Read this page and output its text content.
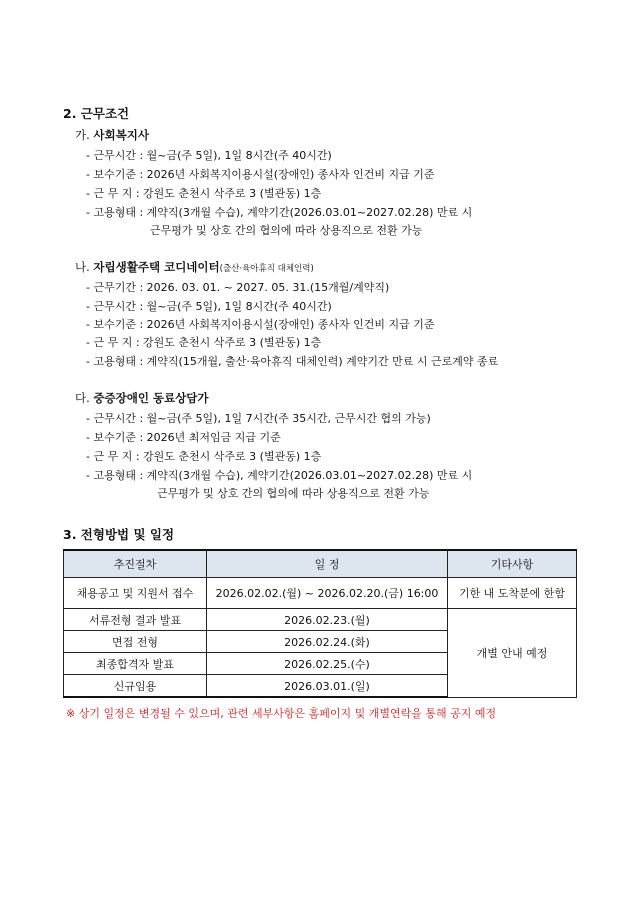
2. 근무조건
가. 사회복지사
- 근무시간 : 월~금(주 5일), 1일 8시간(주 40시간)
- 보수기준 : 2026년 사회복지이용시설(장애인) 종사자 인건비 지급 기준
- 근 무 지 : 강원도 춘천시 삭주로 3 (별관동) 1층
- 고용형태 : 계약직(3개월 수습), 계약기간(2026.03.01~2027.02.28) 만료 시
근무평가 및 상호 간의 협의에 따라 상용직으로 전환 가능
나. 자립생활주택 코디네이터(출산·육아휴직 대체인력)
- 근무기간 : 2026. 03. 01. ~ 2027. 05. 31.(15개월/계약직)
- 근무시간 : 월~금(주 5일), 1일 8시간(주 40시간)
- 보수기준 : 2026년 사회복지이용시설(장애인) 종사자 인건비 지급 기준
- 근 무 지 : 강원도 춘천시 삭주로 3 (별관동) 1층
- 고용형태 : 계약직(15개월, 출산·육아휴직 대체인력) 계약기간 만료 시 근로계약 종료
다. 중증장애인 동료상담가
- 근무시간 : 월~금(주 5일), 1일 7시간(주 35시간, 근무시간 협의 가능)
- 보수기준 : 2026년 최저임금 지급 기준
- 근 무 지 : 강원도 춘천시 삭주로 3 (별관동) 1층
- 고용형태 : 계약직(3개월 수습), 계약기간(2026.03.01~2027.02.28) 만료 시
근무평가 및 상호 간의 협의에 따라 상용직으로 전환 가능
3. 전형방법 및 일정
추진절차	일 정	기타사항
채용공고 및 지원서 접수	2026.02.02.(월) ~ 2026.02.20.(금) 16:00	기한 내 도착분에 한함
서류전형 결과 발표	2026.02.23.(월)	개별 안내 예정
면접 전형	2026.02.24.(화)	
최종합격자 발표	2026.02.25.(수)	
신규임용	2026.03.01.(일)	
※ 상기 일정은 변경될 수 있으며, 관련 세부사항은 홈페이지 및 개별연락을 통해 공지 예정
